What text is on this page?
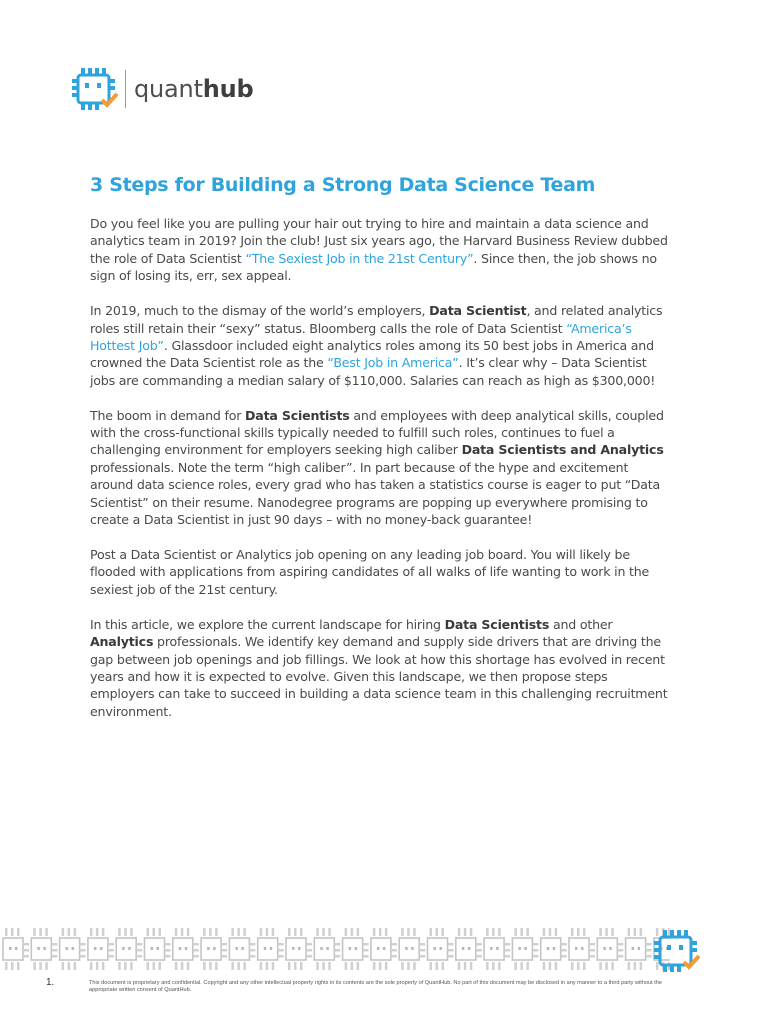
quanthub
3 Steps for Building a Strong Data Science Team

Do you feel like you are pulling your hair out trying to hire and maintain a data science and analytics team in 2019? Join the club! Just six years ago, the Harvard Business Review dubbed the role of Data Scientist “The Sexiest Job in the 21st Century”. Since then, the job shows no sign of losing its, err, sex appeal.

In 2019, much to the dismay of the world’s employers, Data Scientist, and related analytics roles still retain their “sexy” status. Bloomberg calls the role of Data Scientist “America’s Hottest Job”. Glassdoor included eight analytics roles among its 50 best jobs in America and crowned the Data Scientist role as the “Best Job in America”. It’s clear why – Data Scientist jobs are commanding a median salary of $110,000. Salaries can reach as high as $300,000!

The boom in demand for Data Scientists and employees with deep analytical skills, coupled with the cross-functional skills typically needed to fulfill such roles, continues to fuel a challenging environment for employers seeking high caliber Data Scientists and Analytics professionals. Note the term “high caliber”. In part because of the hype and excitement around data science roles, every grad who has taken a statistics course is eager to put “Data Scientist” on their resume. Nanodegree programs are popping up everywhere promising to create a Data Scientist in just 90 days – with no money-back guarantee!

Post a Data Scientist or Analytics job opening on any leading job board. You will likely be flooded with applications from aspiring candidates of all walks of life wanting to work in the sexiest job of the 21st century.

In this article, we explore the current landscape for hiring Data Scientists and other Analytics professionals. We identify key demand and supply side drivers that are driving the gap between job openings and job fillings. We look at how this shortage has evolved in recent years and how it is expected to evolve. Given this landscape, we then propose steps employers can take to succeed in building a data science team in this challenging recruitment environment.

1.	This document is proprietary and confidential. Copyright and any other intellectual property rights in its contents are the sole property of QuantHub. No part of this document may be disclosed in any manner to a third party without the appropriate written consent of QuantHub.
